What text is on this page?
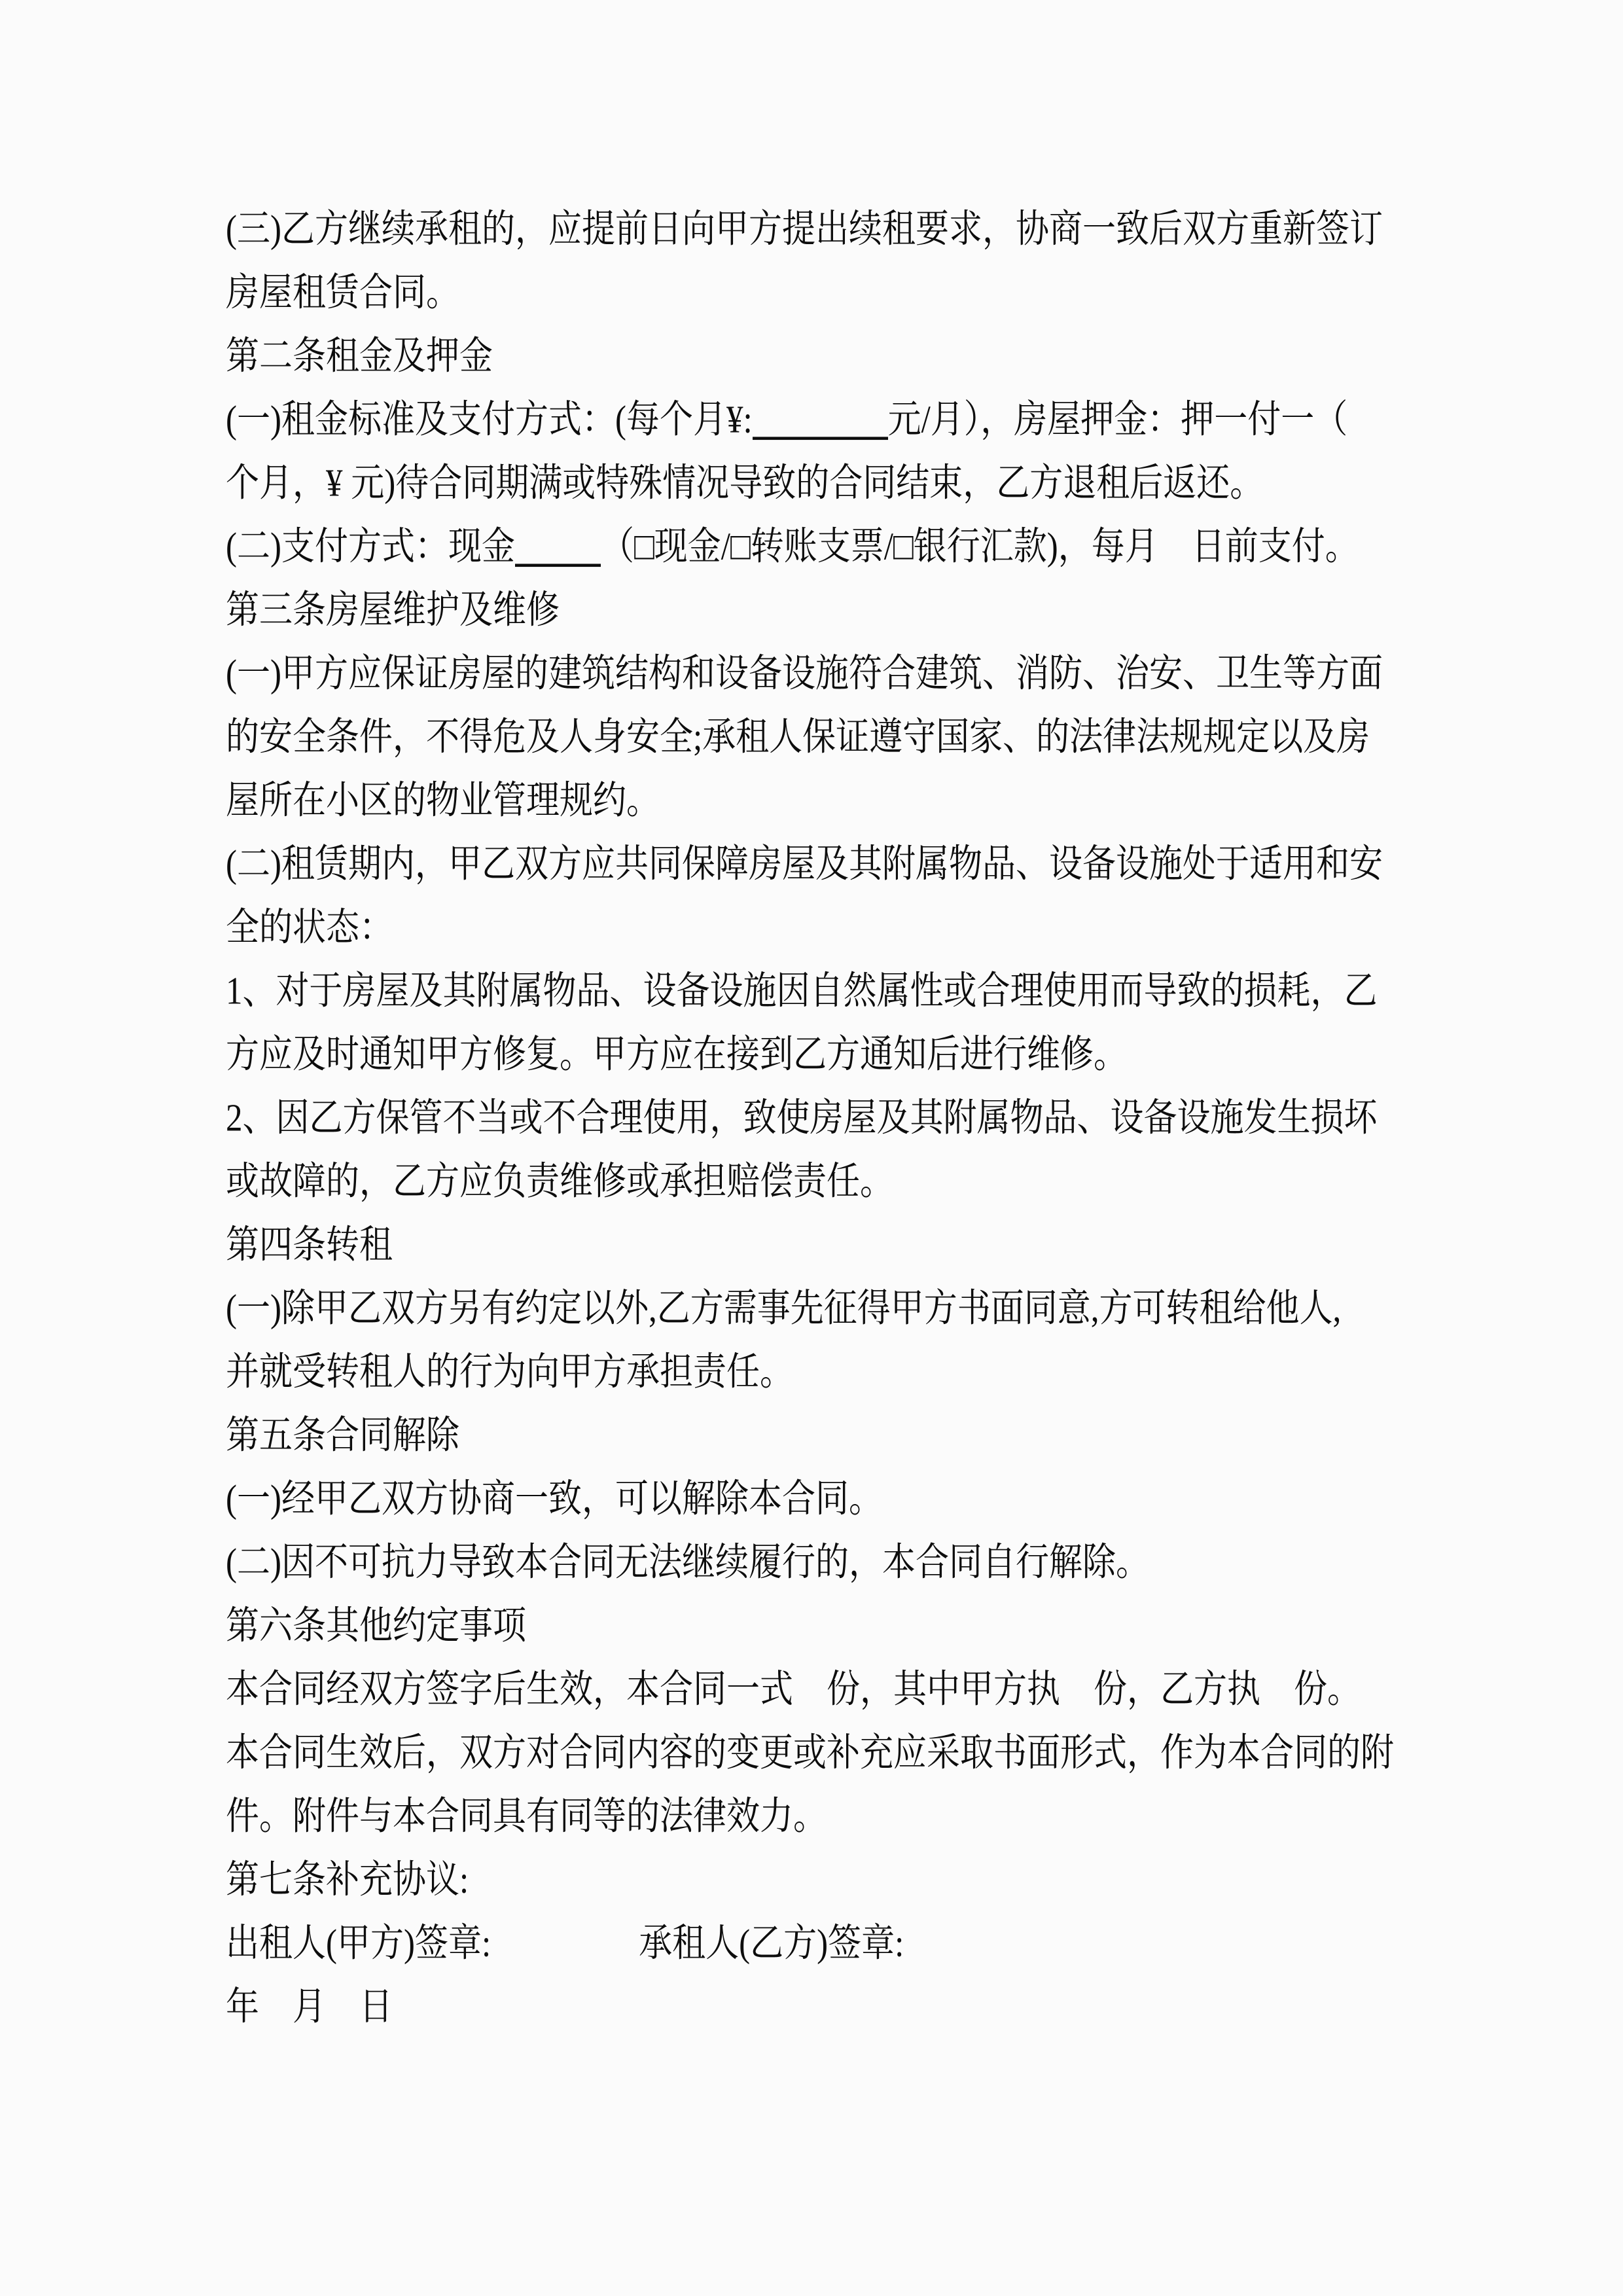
(三)乙方继续承租的，应提前日向甲方提出续租要求，协商一致后双方重新签订
房屋租赁合同。
第二条租金及押金
(一)租金标准及支付方式：(每个月¥:	元/月），房屋押金：押一付一（
个月，¥ 元)待合同期满或特殊情况导致的合同结束，乙方退租后返还。
(二)支付方式：现金	（□现金/□转账支票/□银行汇款)，每月　日前支付。
第三条房屋维护及维修
(一)甲方应保证房屋的建筑结构和设备设施符合建筑、消防、治安、卫生等方面
的安全条件，不得危及人身安全;承租人保证遵守国家、的法律法规规定以及房
屋所在小区的物业管理规约。
(二)租赁期内，甲乙双方应共同保障房屋及其附属物品、设备设施处于适用和安
全的状态：
1、对于房屋及其附属物品、设备设施因自然属性或合理使用而导致的损耗，乙
方应及时通知甲方修复。甲方应在接到乙方通知后进行维修。
2、因乙方保管不当或不合理使用，致使房屋及其附属物品、设备设施发生损坏
或故障的，乙方应负责维修或承担赔偿责任。
第四条转租
(一)除甲乙双方另有约定以外,乙方需事先征得甲方书面同意,方可转租给他人,
并就受转租人的行为向甲方承担责任。
第五条合同解除
(一)经甲乙双方协商一致，可以解除本合同。
(二)因不可抗力导致本合同无法继续履行的，本合同自行解除。
第六条其他约定事项
本合同经双方签字后生效，本合同一式　份，其中甲方执　份，乙方执　份。
本合同生效后，双方对合同内容的变更或补充应采取书面形式，作为本合同的附
件。附件与本合同具有同等的法律效力。
第七条补充协议:
出租人(甲方)签章:	承租人(乙方)签章:
年　月　日
